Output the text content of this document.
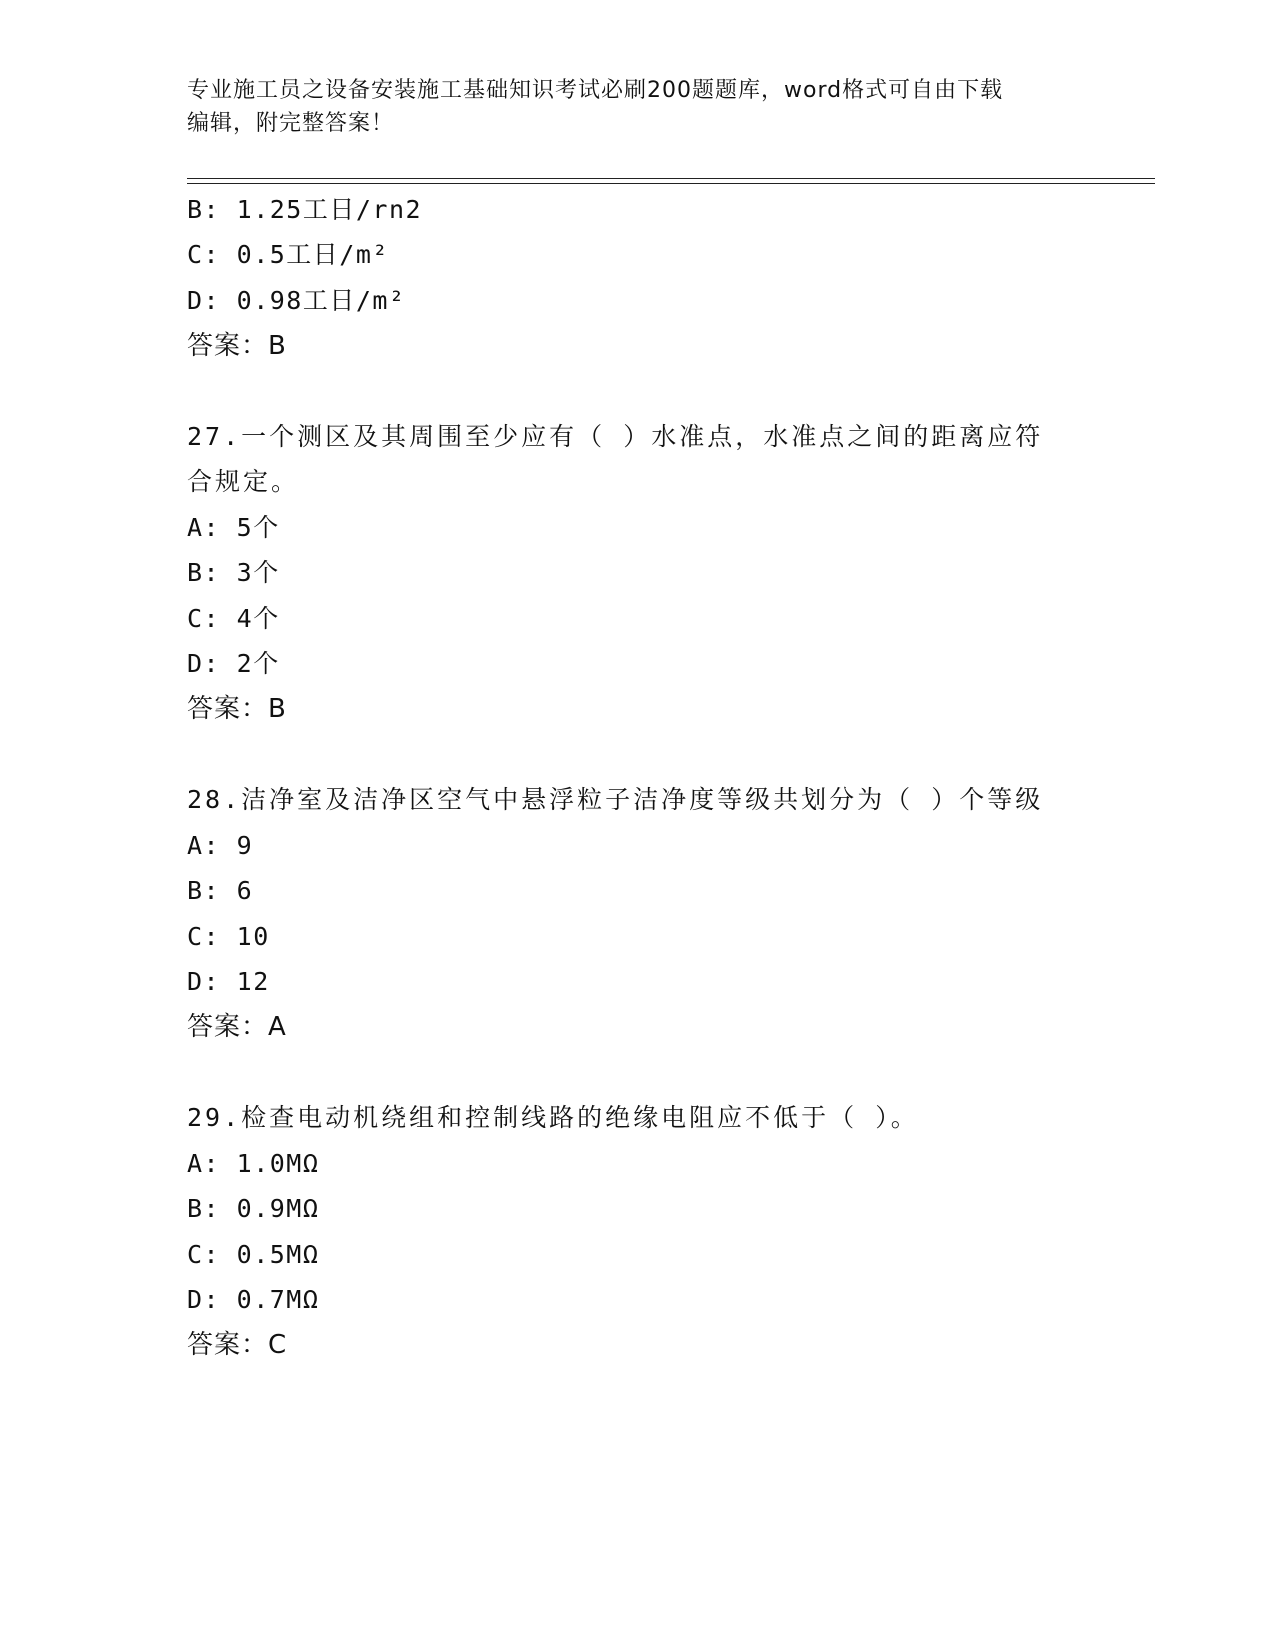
专业施工员之设备安装施工基础知识考试必刷200题题库，word格式可自由下载
编辑，附完整答案！
B: 1.25工日/rn2
C: 0.5工日/m²
D: 0.98工日/m²
答案：B
27.一个测区及其周围至少应有（ ）水准点，水准点之间的距离应符
合规定。
A: 5个
B: 3个
C: 4个
D: 2个
答案：B
28.洁净室及洁净区空气中悬浮粒子洁净度等级共划分为（ ）个等级
A: 9
B: 6
C: 10
D: 12
答案：A
29.检查电动机绕组和控制线路的绝缘电阻应不低于（ ）。
A: 1.0MΩ
B: 0.9MΩ
C: 0.5MΩ
D: 0.7MΩ
答案：C
